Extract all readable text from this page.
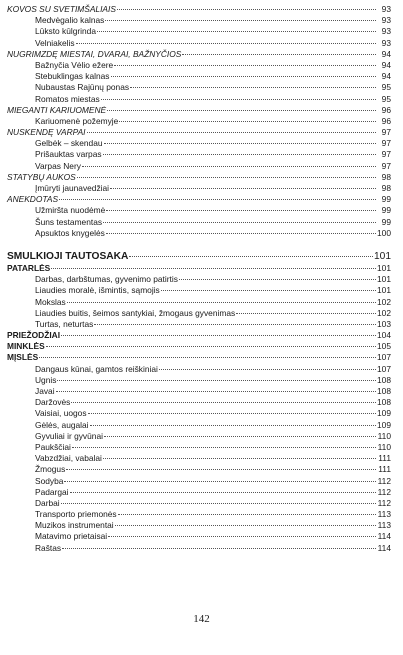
KOVOS SU SVETIMŠALIAIS	93
Medvėgalio kalnas	93
Lūksto kūlgrinda	93
Velniakelis	93
NUGRIMZDĘ MIESTAI, DVARAI, BAŽNYČIOS	94
Bažnyčia Vėlio ežere	94
Stebuklingas kalnas	94
Nubaustas Rajūnų ponas	95
Romatos miestas	95
MIEGANTI KARIUOMENĖ	96
Kariuomenė požemyje	96
NUSKENDĘ VARPAI	97
Gelbėk – skendau	97
Prišauktas varpas	97
Varpas Nery	97
STATYBŲ AUKOS	98
Įmūryti jaunavedžiai	98
ANEKDOTAS	99
Užmiršta nuodėmė	99
Šuns testamentas	99
Apsuktos knygelės	100
SMULKIOJI TAUTOSAKA	101
PATARLĖS	101
Darbas, darbštumas, gyvenimo patirtis	101
Liaudies moralė, išmintis, sąmojis	101
Mokslas	102
Liaudies buitis, šeimos santykiai, žmogaus gyvenimas	102
Turtas, neturtas	103
PRIEŽODŽIAI	104
MINKLĖS	105
MĮSLĖS	107
Dangaus kūnai, gamtos reiškiniai	107
Ugnis	108
Javai	108
Daržovės	108
Vaisiai, uogos	109
Gėlės, augalai	109
Gyvuliai ir gyvūnai	110
Paukščiai	110
Vabzdžiai, vabalai	111
Žmogus	111
Sodyba	112
Padargai	112
Darbai	112
Transporto priemonės	113
Muzikos instrumentai	113
Matavimo prietaisai	114
Raštas	114
142
